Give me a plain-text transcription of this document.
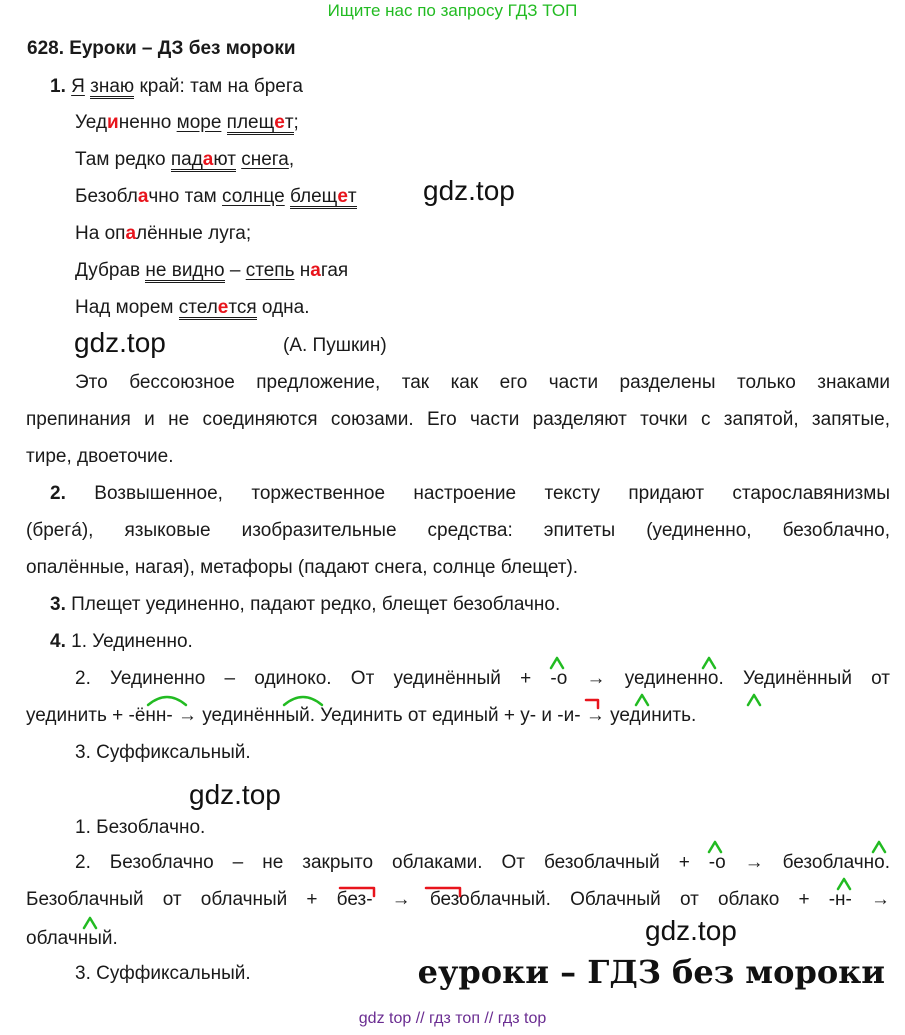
Ищите нас по запросу ГДЗ ТОП
628. Еуроки – ДЗ без мороки
1. Я знаю край: там на брега
Уединенно море плещет;
Там редко падают снега,
Безоблачно там солнце блещет
На опалённые луга;
Дубрав не видно – степь нагая
Над морем стелется одна.
(А. Пушкин)
Это бессоюзное предложение, так как его части разделены только знаками
препинания и не соединяются союзами. Его части разделяют точки с запятой, запятые,
тире, двоеточие.
2. Возвышенное, торжественное настроение тексту придают старославянизмы
(брегá), языковые изобразительные средства: эпитеты (уединенно, безоблачно,
опалённые, нагая), метафоры (падают снега, солнце блещет).
3. Плещет уединенно, падают редко, блещет безоблачно.
4. 1. Уединенно.
2. Уединенно – одиноко. От уединённый + -о → уединенно. Уединённый от
уединить + -ённ- → уединённый. Уединить от единый + у- и -и- → уединить.
3. Суффиксальный.
1. Безоблачно.
2. Безоблачно – не закрыто облаками. От безоблачный + -о → безоблачно.
Безоблачный от облачный + без- → безоблачный. Облачный от облако + -н- →
облачный.
3. Суффиксальный.
gdz.top
gdz.top
gdz.top
gdz.top
еуроки – ГДЗ без мороки
gdz top // гдз топ // гдз top
